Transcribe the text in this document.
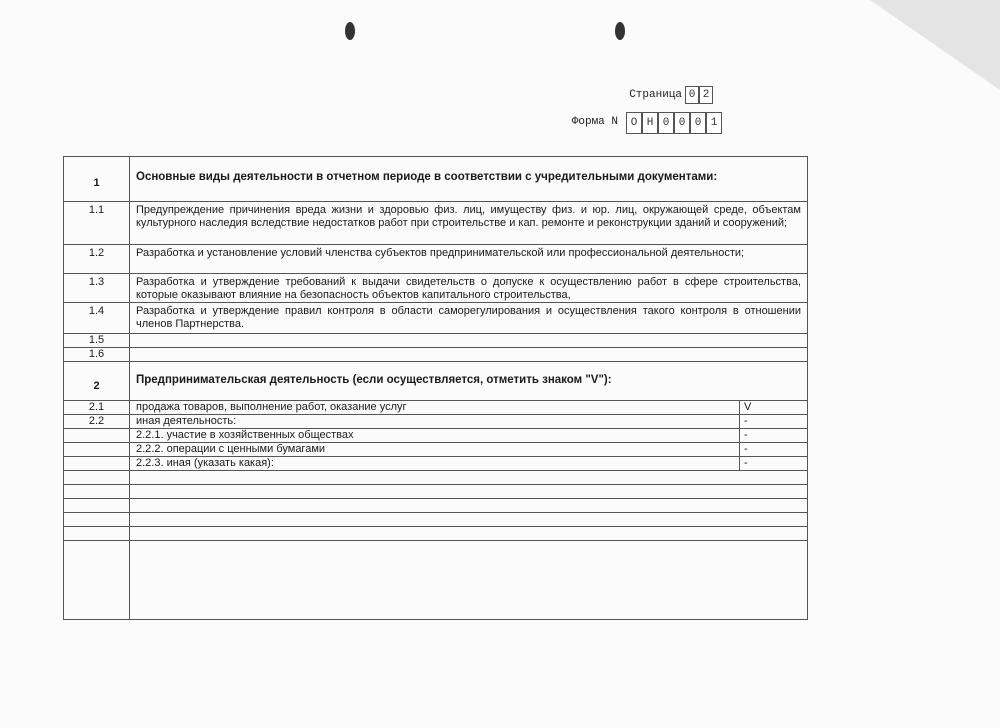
Страница 0 2
Форма N	О Н 0 0 0 1
1	Основные виды деятельности в отчетном периоде в соответствии с учредительными документами:
1.1	Предупреждение причинения вреда жизни и здоровью физ. лиц, имуществу физ. и юр. лиц, окружающей среде, объектам культурного наследия вследствие недостатков работ при строительстве и кап. ремонте и реконструкции зданий и сооружений;
1.2	Разработка и установление условий членства субъектов предпринимательской или профессиональной деятельности;
1.3	Разработка и утверждение требований к выдачи свидетельств о допуске к осуществлению работ в сфере строительства, которые оказывают влияние на безопасность объектов капитального строительства,
1.4	Разработка и утверждение правил контроля в области саморегулирования и осуществления такого контроля в отношении членов Партнерства.
1.5
1.6
2	Предпринимательская деятельность (если осуществляется, отметить знаком "V"):
2.1	продажа товаров, выполнение работ, оказание услуг	V
2.2	иная деятельность:	-
2.2.1. участие в хозяйственных обществах	-
2.2.2. операции с ценными бумагами	-
2.2.3. иная (указать какая):	-
